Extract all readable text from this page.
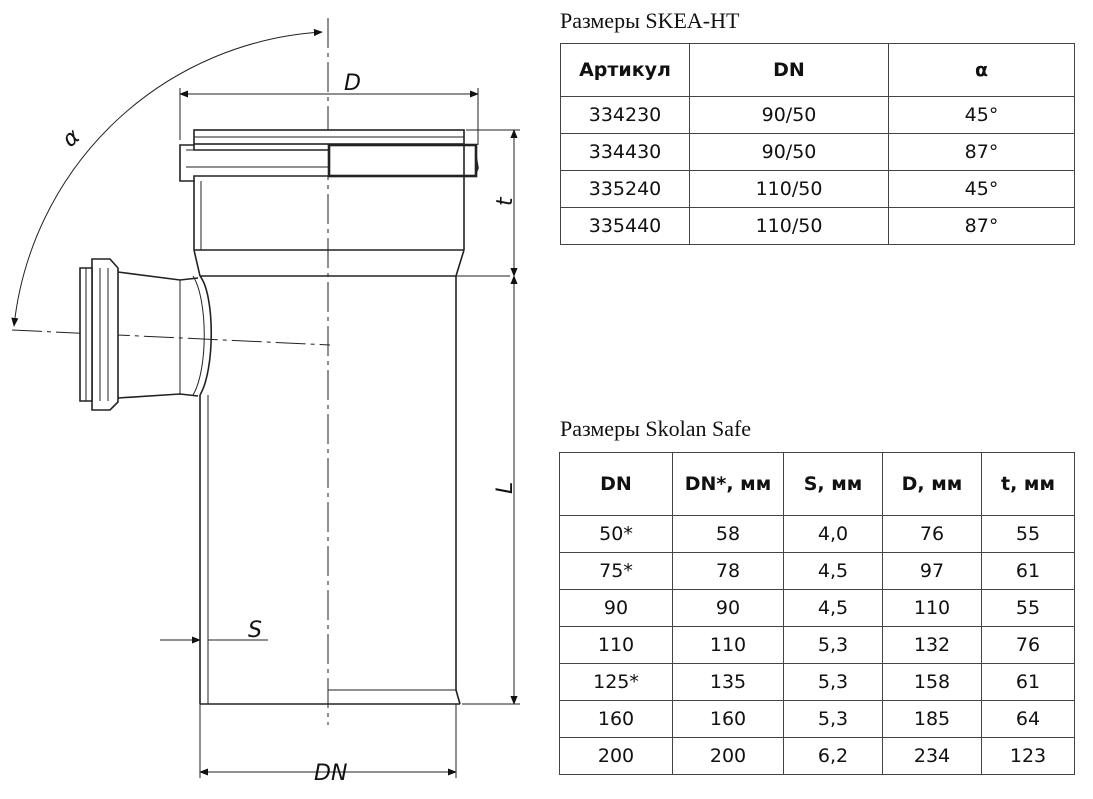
D
α
t
L
S
DN
Размеры SKEA-HT
Артикул	DN	α
334230	90/50	45°
334430	90/50	87°
335240	110/50	45°
335440	110/50	87°
Размеры Skolan Safe
DN	DN*, мм	S, мм	D, мм	t, мм
50*	58	4,0	76	55
75*	78	4,5	97	61
90	90	4,5	110	55
110	110	5,3	132	76
125*	135	5,3	158	61
160	160	5,3	185	64
200	200	6,2	234	123
